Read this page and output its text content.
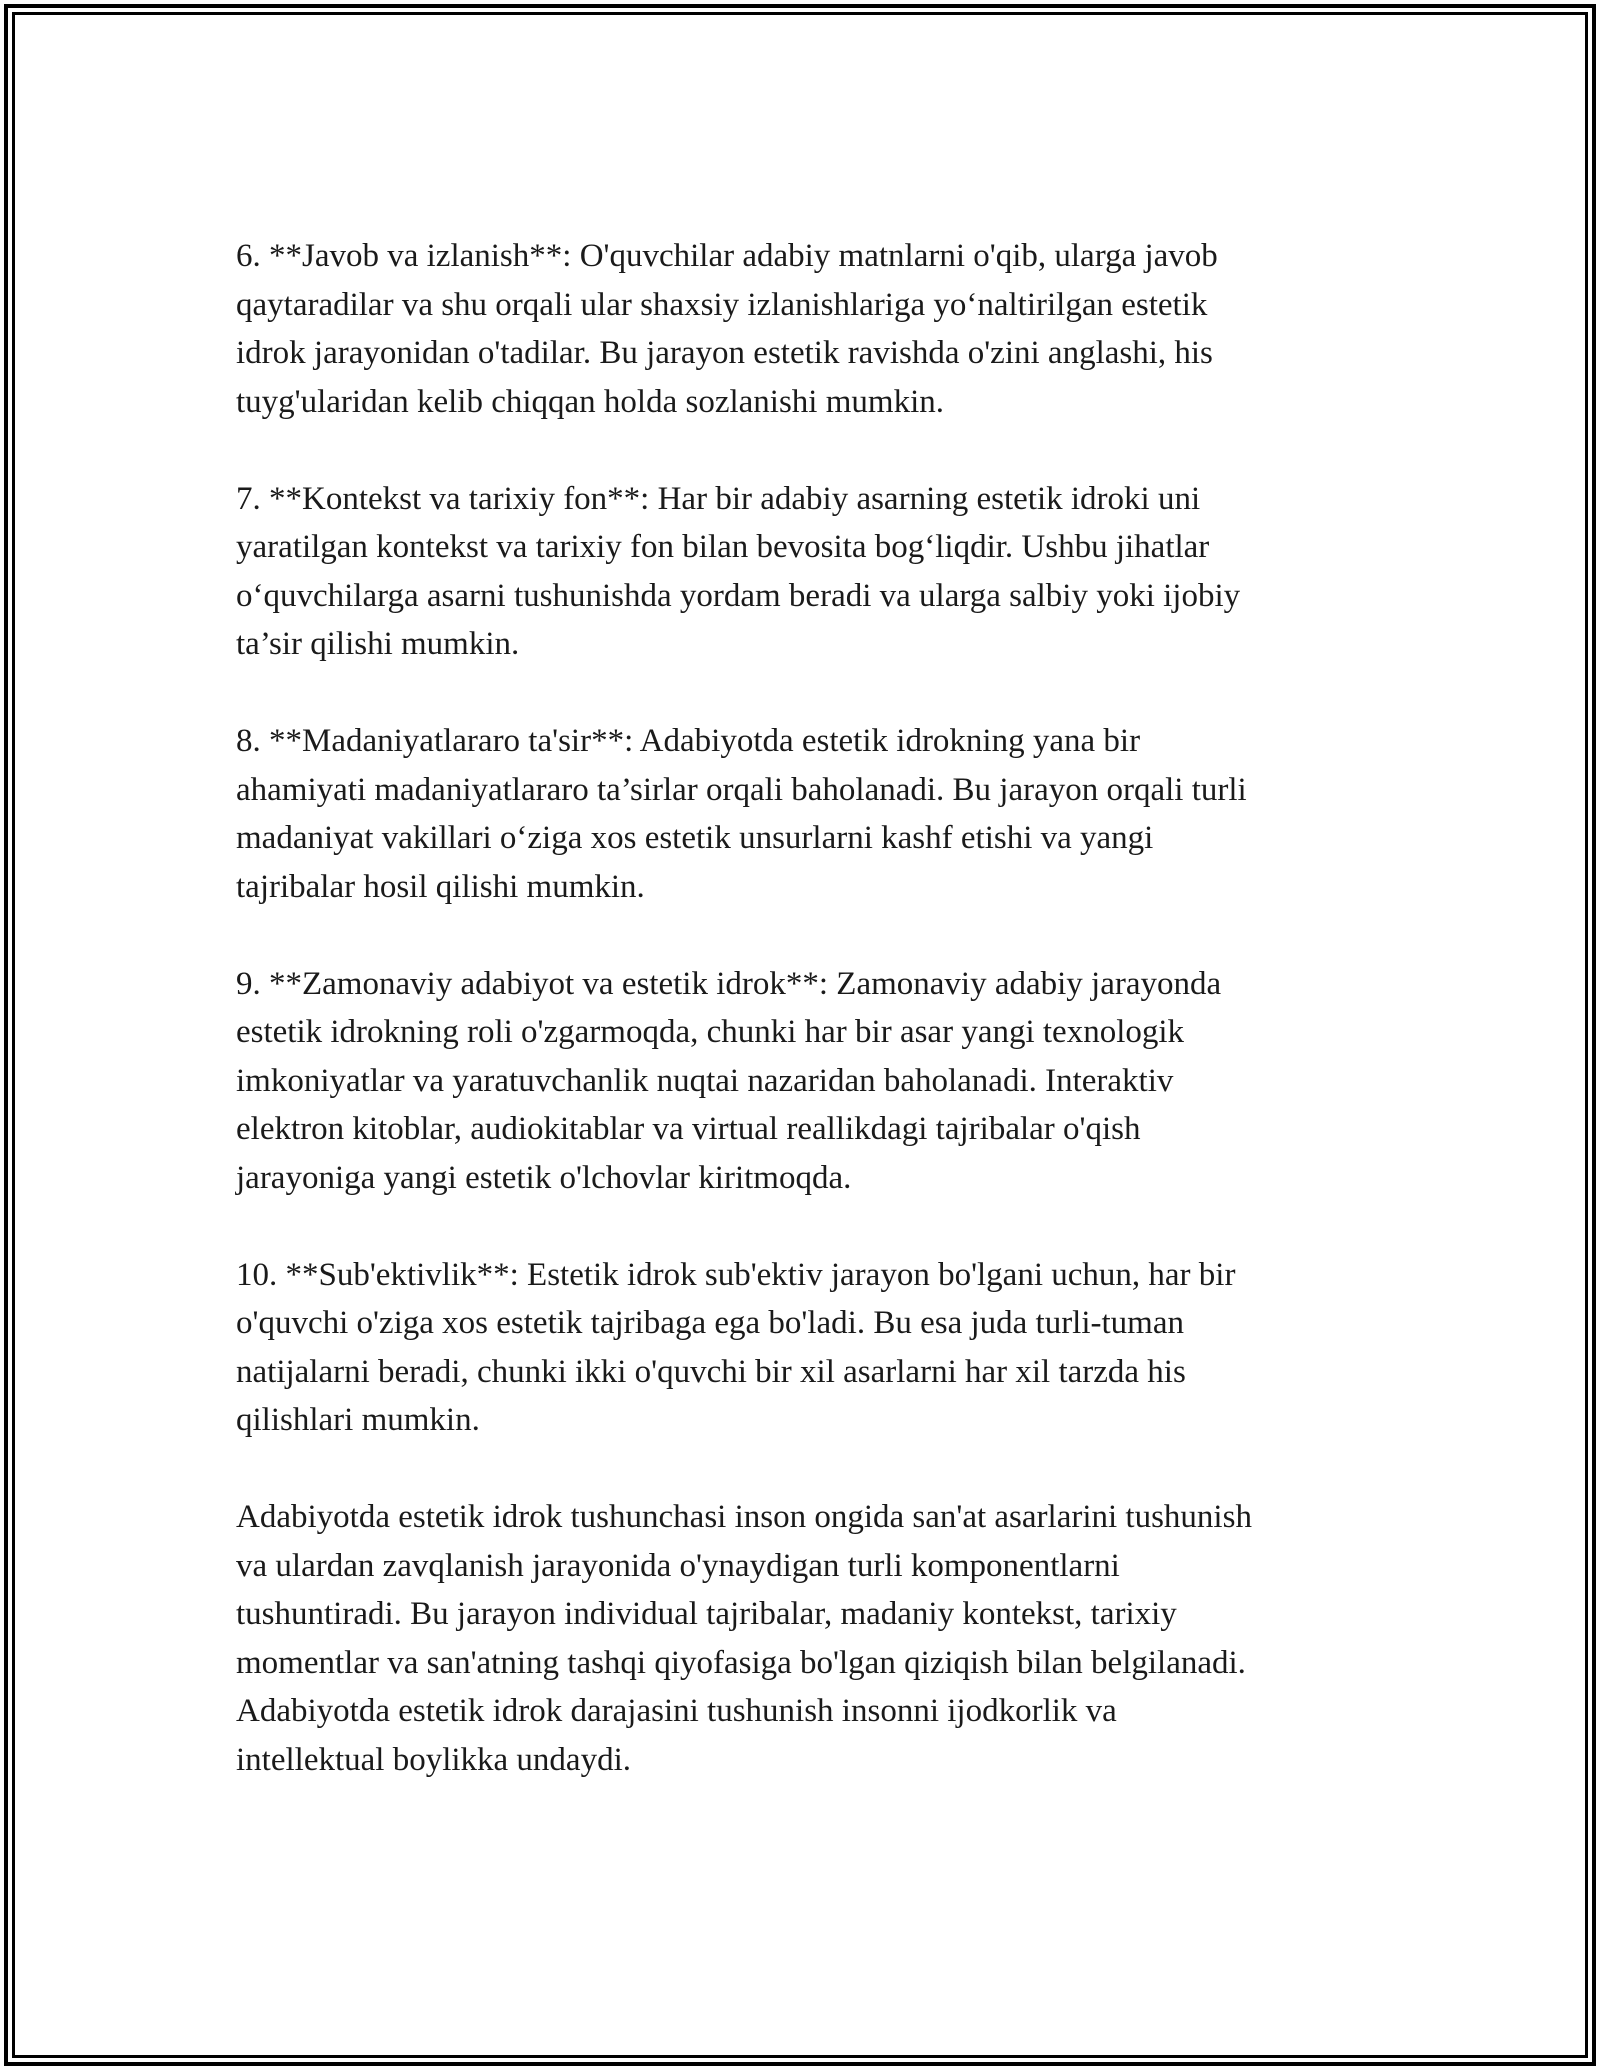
6. **Javob va izlanish**: O'quvchilar adabiy matnlarni o'qib, ularga javob
qaytaradilar va shu orqali ular shaxsiy izlanishlariga yo‘naltirilgan estetik
idrok jarayonidan o'tadilar. Bu jarayon estetik ravishda o'zini anglashi, his
tuyg'ularidan kelib chiqqan holda sozlanishi mumkin.

7. **Kontekst va tarixiy fon**: Har bir adabiy asarning estetik idroki uni
yaratilgan kontekst va tarixiy fon bilan bevosita bog‘liqdir. Ushbu jihatlar
o‘quvchilarga asarni tushunishda yordam beradi va ularga salbiy yoki ijobiy
ta’sir qilishi mumkin.

8. **Madaniyatlararo ta'sir**: Adabiyotda estetik idrokning yana bir
ahamiyati madaniyatlararo ta’sirlar orqali baholanadi. Bu jarayon orqali turli
madaniyat vakillari o‘ziga xos estetik unsurlarni kashf etishi va yangi
tajribalar hosil qilishi mumkin.

9. **Zamonaviy adabiyot va estetik idrok**: Zamonaviy adabiy jarayonda
estetik idrokning roli o'zgarmoqda, chunki har bir asar yangi texnologik
imkoniyatlar va yaratuvchanlik nuqtai nazaridan baholanadi. Interaktiv
elektron kitoblar, audiokitablar va virtual reallikdagi tajribalar o'qish
jarayoniga yangi estetik o'lchovlar kiritmoqda.

10. **Sub'ektivlik**: Estetik idrok sub'ektiv jarayon bo'lgani uchun, har bir
o'quvchi o'ziga xos estetik tajribaga ega bo'ladi. Bu esa juda turli-tuman
natijalarni beradi, chunki ikki o'quvchi bir xil asarlarni har xil tarzda his
qilishlari mumkin.

Adabiyotda estetik idrok tushunchasi inson ongida san'at asarlarini tushunish
va ulardan zavqlanish jarayonida o'ynaydigan turli komponentlarni
tushuntiradi. Bu jarayon individual tajribalar, madaniy kontekst, tarixiy
momentlar va san'atning tashqi qiyofasiga bo'lgan qiziqish bilan belgilanadi.
Adabiyotda estetik idrok darajasini tushunish insonni ijodkorlik va
intellektual boylikka undaydi.
